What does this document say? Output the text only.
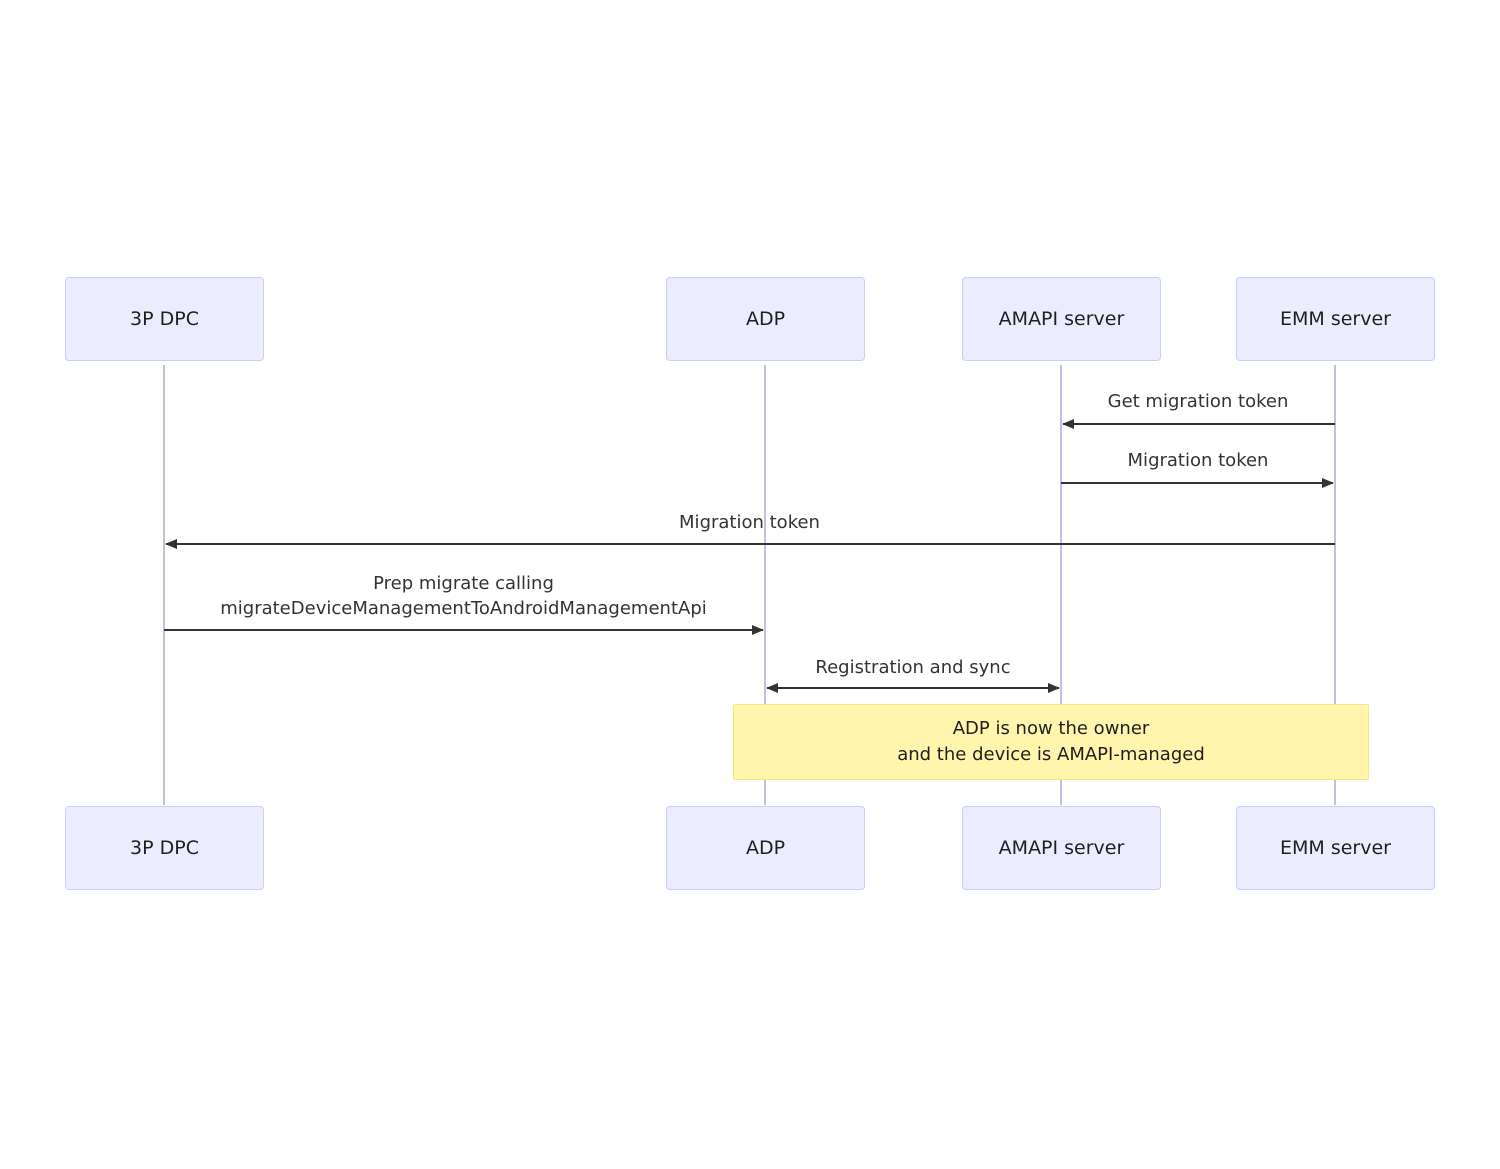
3P DPC	ADP	AMAPI server	EMM server
3P DPC	ADP	AMAPI server	EMM server
Get migration token
Migration token
Migration token
Prep migrate calling
migrateDeviceManagementToAndroidManagementApi
Registration and sync
ADP is now the owner
and the device is AMAPI-managed
